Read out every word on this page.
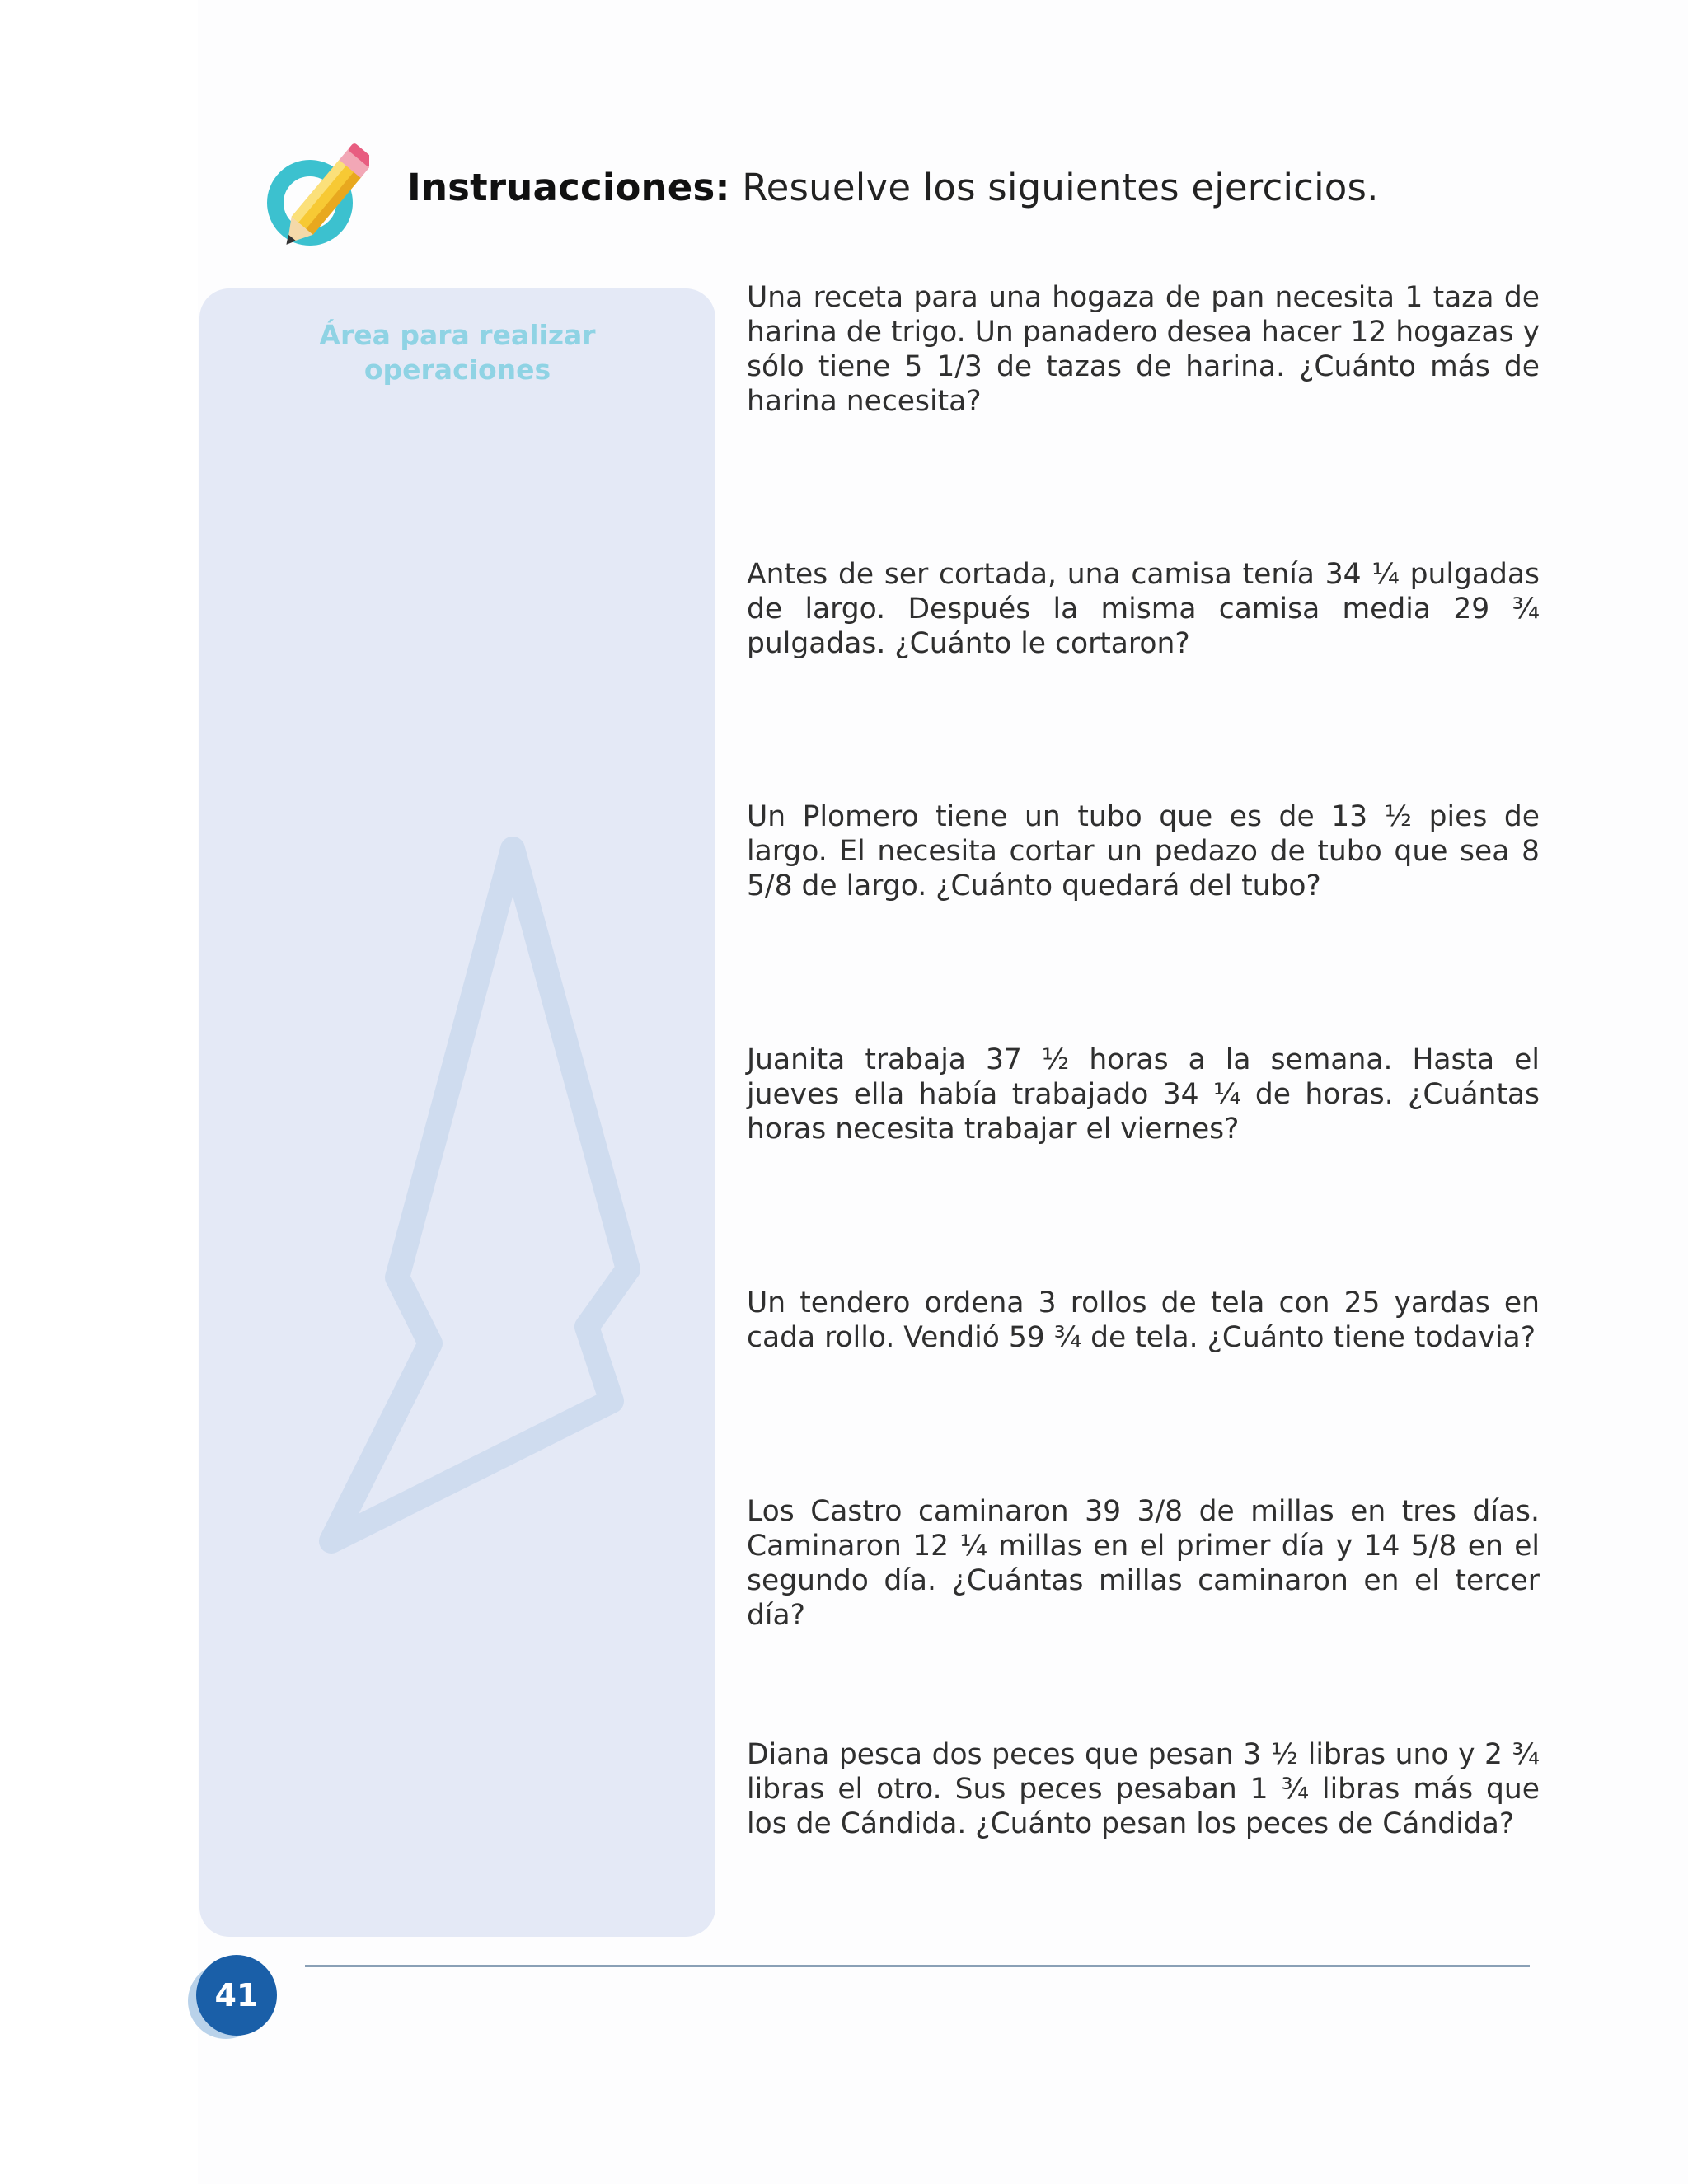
Instruacciones: Resuelve los siguientes ejercicios.
Área para realizar
operaciones
Una receta para una hogaza de pan necesita 1 taza de harina de trigo. Un panadero desea hacer 12 hogazas y sólo tiene 5 1/3 de tazas de harina. ¿Cuánto más de harina necesita?
Antes de ser cortada, una camisa tenía 34 ¼ pulgadas de largo. Después la misma camisa media 29 ¾ pulgadas. ¿Cuánto le cortaron?
Un Plomero tiene un tubo que es de 13 ½ pies de largo. El necesita cortar un pedazo de tubo que sea 8 5/8 de largo. ¿Cuánto quedará del tubo?
Juanita trabaja 37 ½ horas a la semana. Hasta el jueves ella había trabajado 34 ¼ de horas. ¿Cuántas horas necesita trabajar el viernes?
Un tendero ordena 3 rollos de tela con 25 yardas en cada rollo. Vendió 59 ¾ de tela. ¿Cuánto tiene todavia?
Los Castro caminaron 39 3/8 de millas en tres días. Caminaron 12 ¼ millas en el primer día y 14 5/8 en el segundo día. ¿Cuántas millas caminaron en el tercer día?
Diana pesca dos peces que pesan 3 ½ libras uno y 2 ¾ libras el otro. Sus peces pesaban 1 ¾ libras más que los de Cándida. ¿Cuánto pesan los peces de Cándida?
41
